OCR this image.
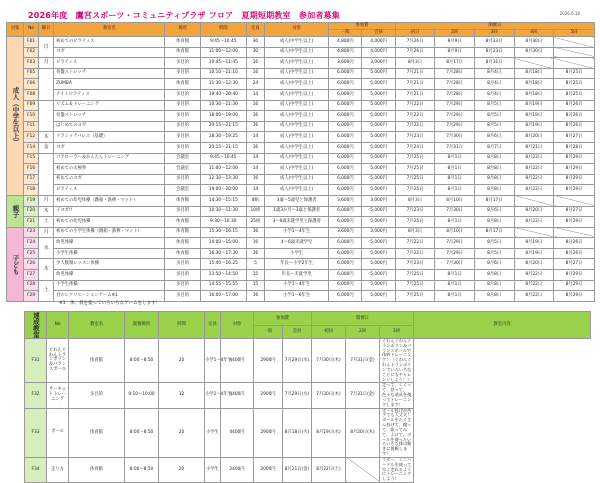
2026年度　鷹宮スポーツ・コミュニティプラザ フロア　夏期短期教室　参加者募集	2026.6.16
対象	No	曜日	教室名	場所	時間	定員	対象	参加費		開催日				
								一般	会員	初日	2回	3回	4回	5回
成人（中学生以上）	F01	日	初めてのピラティス	体育館	9:45～10:45	30	成人(中学生以上)	4,800円	4,000円	7月26日	8月9日	8月23日	8月30日	
	F02		ヨガ	体育館	11:00～12:00	30	成人(中学生以上)	4,800円	4,000円	7月26日	8月9日	8月23日	8月30日	
	F03	月	ピラティス	多目的	10:45～11:45	16	成人(中学生以上)	3,600円	3,000円	8月3日	8月17日	8月31日		
	F05		骨盤ストレッチ	多目的	10:10～11:10	16	成人(中学生以上)	6,000円	5,000円	7月21日	7月28日	8月4日	8月18日	8月25日
	F06		ZUMBA	体育館	11:30～12:30	24	成人(中学生以上)	6,000円	5,000円	7月21日	7月28日	8月4日	8月18日	8月25日
	F08		ナイトピラティス	多目的	19:40～20:40	14	成人(中学生以上)	6,000円	5,000円	7月21日	7月28日	8月4日	8月18日	8月25日
	F09		リズム＆トレーニング	多目的	10:30～11:30	16	成人(中学生以上)	6,000円	5,000円	7月22日	7月29日	8月5日	8月19日	8月26日
	F10		骨盤ストレッチ	多目的	18:00～19:00	16	成人(中学生以上)	6,000円	5,000円	7月22日	7月29日	8月5日	8月19日	8月26日
	F11		はじめてのヨガ	多目的	20:15～21:15	16	成人(中学生以上)	6,000円	5,000円	7月22日	7月29日	8月5日	8月19日	8月26日
	F12	木	クラシックバレエ（基礎）	多目的	18:30～19:25	14	成人(中学生以上)	6,000円	5,000円	7月23日	7月30日	8月6日	8月20日	8月27日
	F14	金	ヨガ	多目的	20:15～21:15	16	成人(中学生以上)	6,000円	5,000円	7月24日	7月31日	8月7日	8月21日	8月28日
	F15		コアローラー＆かんたんトレーニング	会議室	9:45～10:45	14	成人(中学生以上)	6,000円	5,000円	7月25日	8月1日	8月8日	8月22日	8月29日
	F16		初めての太極拳	会議室	11:00～12:00	14	成人(中学生以上)	6,000円	5,000円	7月25日	8月1日	8月8日	8月22日	8月29日
	F17		初めてのヨガ	多目的	12:30～13:30	16	成人(中学生以上)	6,000円	5,000円	7月25日	8月1日	8月8日	8月22日	8月29日
	F18		ピラティス	会議室	19:00～20:00	14	成人(中学生以上)	6,000円	5,000円	7月25日	8月1日	8月8日	8月22日	8月29日
親子	F19	月	初めての幼児体操（跳箱・鉄棒・マット）	体育館	14:30～15:15	8組	3歳～5歳児と保護者	3,600円	3,000円	8月3日	8月10日	8月17日		
	F20	木	子ヨガ!!	多目的	10:30～11:30	10組	1歳3か月～3歳と保護者	6,000円	5,000円	7月23日	7月30日	8月6日	8月20日	8月27日
	F21	土	初めての幼児体操	体育館	9:30～10:30	25組	3～6歳未就学児と保護者	6,000円	5,000円	7月25日	8月1日	8月8日	8月22日	8月29日
子ども	F23	月	初めての小学生体操（跳箱・鉄棒・マット）	体育館	15:30～16:15	16	小学1～4年生	3,600円	3,000円	8月3日	8月10日	8月17日		
	F24	水	幼児体操	体育館	14:00～15:00	16	4～6歳未就学児	6,000円	5,000円	7月22日	7月29日	8月5日	8月19日	8月26日
	F25		小学生体操	体育館	16:30～17:30	16	小学生	6,000円	5,000円	7月22日	7月29日	8月5日	8月19日	8月26日
	F26	木	少人数制レッスン体操	多目的	15:40～16:25	5	年長～小学2年生	6,000円	5,000円	7月23日	7月30日	8月6日	8月20日	8月27日
	F27		幼児体操	多目的	13:50～14:50	15	年長～未就学児	6,000円	5,000円	7月25日	8月1日	8月8日	8月22日	8月29日
	F28	土	小学生体操	多目的	14:55～15:55	15	小学1～4年生	6,000円	5,000円	7月25日	8月1日	8月8日	8月22日	8月29日
	F29		君のレクリエーションゲーム※1	多目的	16:00～17:00	16	小学1～6年生	6,000円	5,000円	7月25日	8月1日	8月8日	8月22日	8月29日
※1　体、仮を使っていろいろなゲームをします！
速成教室	No	教室名	開催場所	時間	定員	対象	参加費		開催日			教室内容
							一般	会員	初回	2回	3回	
F31	ぐわんぐわんトランポリン＆バランスボール	体育館	8:00～8:50	20	小学1～4年生	4400円	2900円	7月29日(水)	7月30日(木)	7月31日(金)	ぐわんぐわんトランポリン＆バランスボールで体幹トレーニング！（ぐわんぐわんトランポリンでいろいろなことにもチャレンジしよう！）	
F32	サーキットトレーニング	多目的	9:10～10:00	12	小学1～4年生	4400円	2900円	7月29日(水)	7月30日(木)	7月31日(金)	走って、くぐって、登って、色々な道具を使ってトレーニングします！	
F33	ボール	体育館	8:00～8:50	20	小学生	4400円	2900円	8月18日(火)	8月19日(水)	8月20日(木)	ボール投げが苦手でも大丈夫！ボールをたくさん投げて、蹴って、取ってみて、よけて。ボールを使ったいろいろな体の動きに挑戦します！	
F34	走り方	体育館	8:00～8:50	20	小学生	2400円	2000円	8月21日(金)	8月22日(土)		ラダー、ミニハードルを使って早く走れるようにトレーニングしよう！	
